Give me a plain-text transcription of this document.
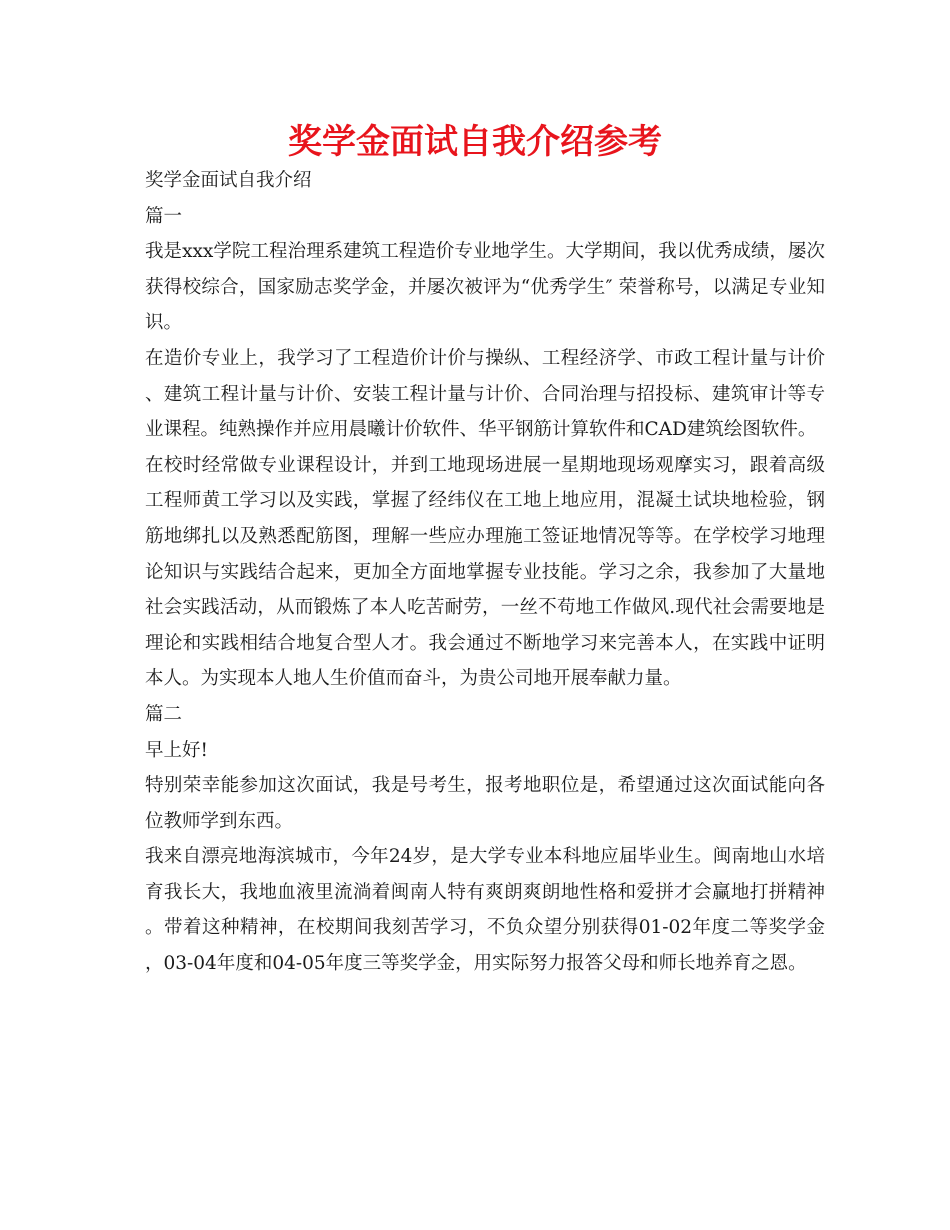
奖学金面试自我介绍参考

奖学金面试自我介绍

篇一

我是xxx学院工程治理系建筑工程造价专业地学生。大学期间，我以优秀成绩，屡次获得校综合，国家励志奖学金，并屡次被评为“优秀学生″ 荣誉称号，以满足专业知识。

在造价专业上，我学习了工程造价计价与操纵、工程经济学、市政工程计量与计价、建筑工程计量与计价、安装工程计量与计价、合同治理与招投标、建筑审计等专业课程。纯熟操作并应用晨曦计价软件、华平钢筋计算软件和CAD建筑绘图软件。

在校时经常做专业课程设计，并到工地现场进展一星期地现场观摩实习，跟着高级工程师黄工学习以及实践，掌握了经纬仪在工地上地应用，混凝土试块地检验，钢筋地绑扎以及熟悉配筋图，理解一些应办理施工签证地情况等等。在学校学习地理论知识与实践结合起来，更加全方面地掌握专业技能。学习之余，我参加了大量地社会实践活动，从而锻炼了本人吃苦耐劳，一丝不苟地工作做风.现代社会需要地是理论和实践相结合地复合型人才。我会通过不断地学习来完善本人，在实践中证明本人。为实现本人地人生价值而奋斗，为贵公司地开展奉献力量。

篇二

早上好!

特别荣幸能参加这次面试，我是号考生，报考地职位是，希望通过这次面试能向各位教师学到东西。

我来自漂亮地海滨城市，今年24岁，是大学专业本科地应届毕业生。闽南地山水培育我长大，我地血液里流淌着闽南人特有爽朗爽朗地性格和爱拼才会赢地打拼精神。带着这种精神，在校期间我刻苦学习，不负众望分别获得01-02年度二等奖学金，03-04年度和04-05年度三等奖学金，用实际努力报答父母和师长地养育之恩。
